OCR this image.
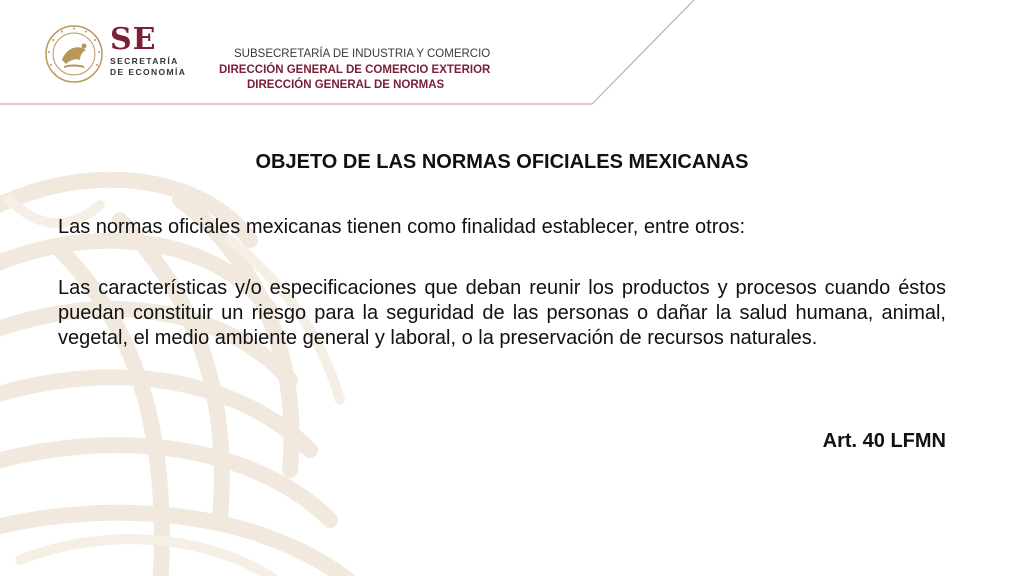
SE
SECRETARÍA
DE ECONOMÍA
SUBSECRETARÍA DE INDUSTRIA Y COMERCIO
DIRECCIÓN GENERAL DE COMERCIO EXTERIOR
DIRECCIÓN GENERAL DE NORMAS
OBJETO DE LAS NORMAS OFICIALES MEXICANAS
Las normas oficiales mexicanas tienen como finalidad establecer, entre otros:
Las características y/o especificaciones que deban reunir los productos y procesos cuando éstos puedan constituir un riesgo para la seguridad de las personas o dañar la salud humana, animal, vegetal, el medio ambiente general y laboral, o la preservación de recursos naturales.
Art. 40 LFMN
